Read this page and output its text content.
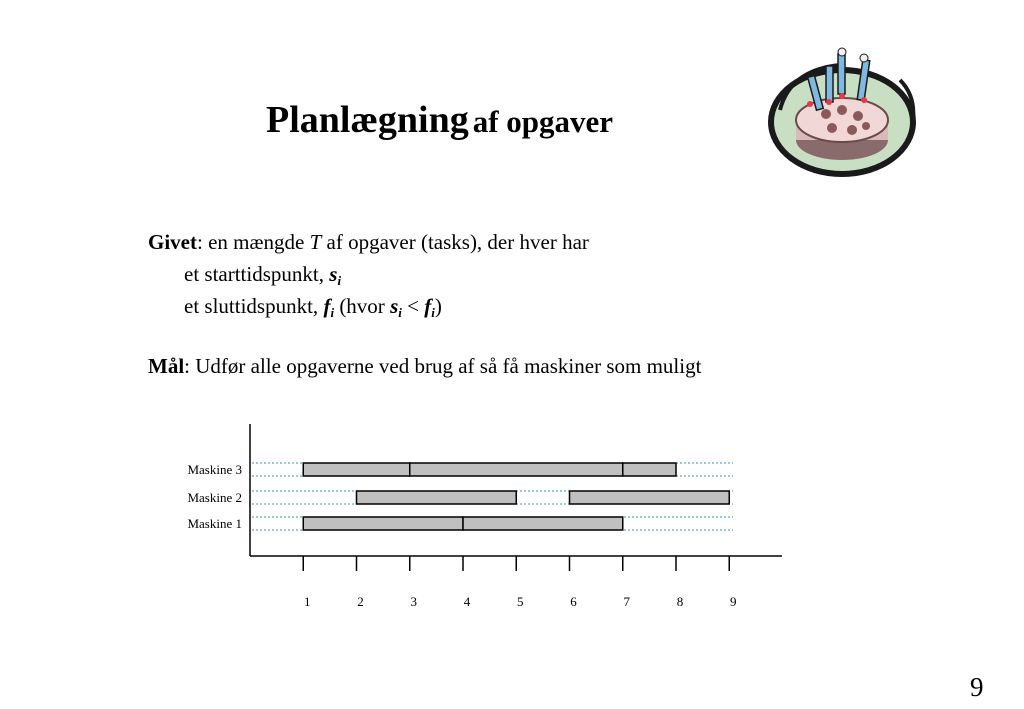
Planlægning af opgaver
Givet: en mængde T af opgaver (tasks), der hver har
et starttidspunkt, $s_i$
et sluttidspunkt, $f_i$ (hvor $s_i < f_i$)
Mål: Udfør alle opgaverne ved brug af så få maskiner som muligt
Maskine 3
Maskine 2
Maskine 1
1	2	3	4	5	6	7	8	9
9
